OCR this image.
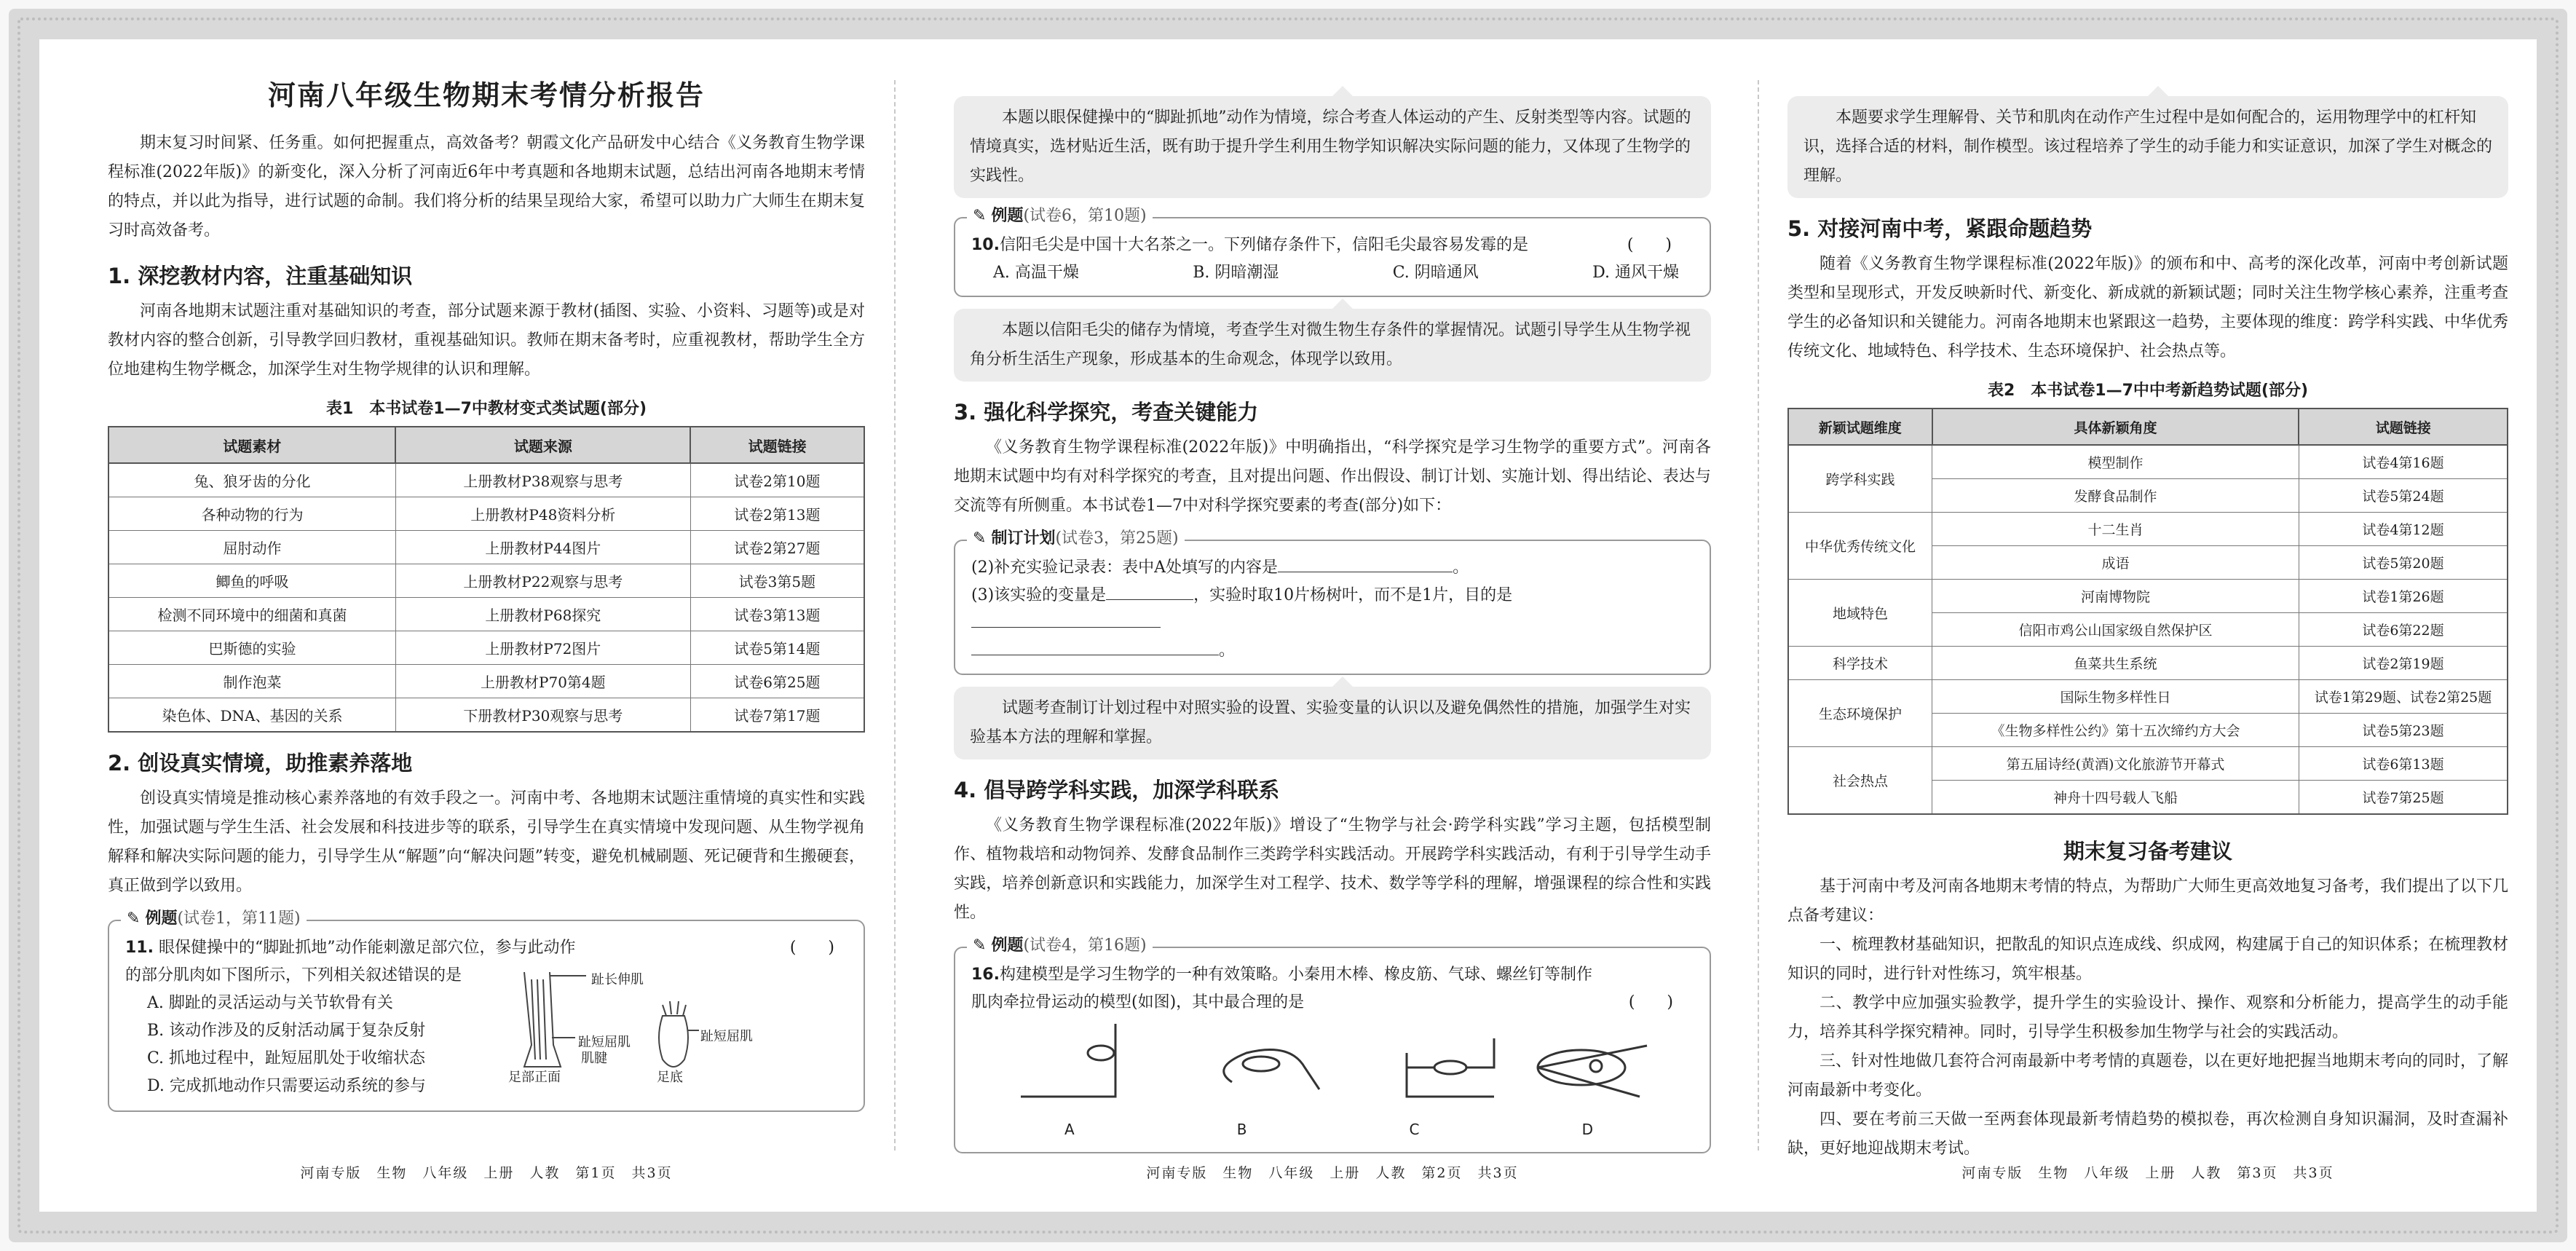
河南八年级生物期末考情分析报告

期末复习时间紧、任务重。如何把握重点，高效备考？朝霞文化产品研发中心结合《义务教育生物学课程标准(2022年版)》的新变化，深入分析了河南近6年中考真题和各地期末试题，总结出河南各地期末考情的特点，并以此为指导，进行试题的命制。我们将分析的结果呈现给大家，希望可以助力广大师生在期末复习时高效备考。

1. 深挖教材内容，注重基础知识

河南各地期末试题注重对基础知识的考查，部分试题来源于教材(插图、实验、小资料、习题等)或是对教材内容的整合创新，引导教学回归教材，重视基础知识。教师在期末备考时，应重视教材，帮助学生全方位地建构生物学概念，加深学生对生物学规律的认识和理解。

表1　本书试卷1—7中教材变式类试题(部分)
试题素材	试题来源	试题链接
兔、狼牙齿的分化	上册教材P38观察与思考	试卷2第10题
各种动物的行为	上册教材P48资料分析	试卷2第13题
屈肘动作	上册教材P44图片	试卷2第27题
鲫鱼的呼吸	上册教材P22观察与思考	试卷3第5题
检测不同环境中的细菌和真菌	上册教材P68探究	试卷3第13题
巴斯德的实验	上册教材P72图片	试卷5第14题
制作泡菜	上册教材P70第4题	试卷6第25题
染色体、DNA、基因的关系	下册教材P30观察与思考	试卷7第17题
2. 创设真实情境，助推素养落地

创设真实情境是推动核心素养落地的有效手段之一。河南中考、各地期末试题注重情境的真实性和实践性，加强试题与学生生活、社会发展和科技进步等的联系，引导学生在真实情境中发现问题、从生物学视角解释和解决实际问题的能力，引导学生从“解题”向“解决问题”转变，避免机械刷题、死记硬背和生搬硬套，真正做到学以致用。

✎ 例题(试卷1，第11题)
11. 眼保健操中的“脚趾抓地”动作能刺激足部穴位，参与此动作的部分肌肉如下图所示，下列相关叙述错误的是
A. 脚趾的灵活运动与关节软骨有关
B. 该动作涉及的反射活动属于复杂反射
C. 抓地过程中，趾短屈肌处于收缩状态
D. 完成抓地动作只需要运动系统的参与
(　　)
趾长伸肌
趾短屈肌
肌腱
趾短屈肌
足部正面	足底
本题以眼保健操中的“脚趾抓地”动作为情境，综合考查人体运动的产生、反射类型等内容。试题的情境真实，选材贴近生活，既有助于提升学生利用生物学知识解决实际问题的能力，又体现了生物学的实践性。
✎ 例题(试卷6，第10题)
10.信阳毛尖是中国十大名茶之一。下列储存条件下，信阳毛尖最容易发霉的是	(　　)
A. 高温干燥	B. 阴暗潮湿	C. 阴暗通风	D. 通风干燥
本题以信阳毛尖的储存为情境，考查学生对微生物生存条件的掌握情况。试题引导学生从生物学视角分析生活生产现象，形成基本的生命观念，体现学以致用。
3. 强化科学探究，考查关键能力

《义务教育生物学课程标准(2022年版)》中明确指出，“科学探究是学习生物学的重要方式”。河南各地期末试题中均有对科学探究的考查，且对提出问题、作出假设、制订计划、实施计划、得出结论、表达与交流等有所侧重。本书试卷1—7中对科学探究要素的考查(部分)如下：

✎ 制订计划(试卷3，第25题)
(2)补充实验记录表：表中A处填写的内容是	。
(3)该实验的变量是	，实验时取10片杨树叶，而不是1片，目的是
。
试题考查制订计划过程中对照实验的设置、实验变量的认识以及避免偶然性的措施，加强学生对实验基本方法的理解和掌握。
4. 倡导跨学科实践，加深学科联系

《义务教育生物学课程标准(2022年版)》增设了“生物学与社会·跨学科实践”学习主题，包括模型制作、植物栽培和动物饲养、发酵食品制作三类跨学科实践活动。开展跨学科实践活动，有利于引导学生动手实践，培养创新意识和实践能力，加深学生对工程学、技术、数学等学科的理解，增强课程的综合性和实践性。

✎ 例题(试卷4，第16题)
16.构建模型是学习生物学的一种有效策略。小秦用木棒、橡皮筋、气球、螺丝钉等制作肌肉牵拉骨运动的模型(如图)，其中最合理的是	(　　)
A	B	C	D
本题要求学生理解骨、关节和肌肉在动作产生过程中是如何配合的，运用物理学中的杠杆知识，选择合适的材料，制作模型。该过程培养了学生的动手能力和实证意识，加深了学生对概念的理解。
5. 对接河南中考，紧跟命题趋势

随着《义务教育生物学课程标准(2022年版)》的颁布和中、高考的深化改革，河南中考创新试题类型和呈现形式，开发反映新时代、新变化、新成就的新颖试题；同时关注生物学核心素养，注重考查学生的必备知识和关键能力。河南各地期末也紧跟这一趋势，主要体现的维度：跨学科实践、中华优秀传统文化、地域特色、科学技术、生态环境保护、社会热点等。

表2　本书试卷1—7中中考新趋势试题(部分)
新颖试题维度	具体新颖角度	试题链接
跨学科实践	模型制作	试卷4第16题
	发酵食品制作	试卷5第24题
中华优秀传统文化	十二生肖	试卷4第12题
	成语	试卷5第20题
地域特色	河南博物院	试卷1第26题
	信阳市鸡公山国家级自然保护区	试卷6第22题
科学技术	鱼菜共生系统	试卷2第19题
生态环境保护	国际生物多样性日	试卷1第29题、试卷2第25题
	《生物多样性公约》第十五次缔约方大会	试卷5第23题
社会热点	第五届诗经(黄酒)文化旅游节开幕式	试卷6第13题
	神舟十四号载人飞船	试卷7第25题
期末复习备考建议

基于河南中考及河南各地期末考情的特点，为帮助广大师生更高效地复习备考，我们提出了以下几点备考建议：

一、梳理教材基础知识，把散乱的知识点连成线、织成网，构建属于自己的知识体系；在梳理教材知识的同时，进行针对性练习，筑牢根基。

二、教学中应加强实验教学，提升学生的实验设计、操作、观察和分析能力，提高学生的动手能力，培养其科学探究精神。同时，引导学生积极参加生物学与社会的实践活动。

三、针对性地做几套符合河南最新中考考情的真题卷，以在更好地把握当地期末考向的同时，了解河南最新中考变化。

四、要在考前三天做一至两套体现最新考情趋势的模拟卷，再次检测自身知识漏洞，及时查漏补缺，更好地迎战期末考试。

河南专版　生物　八年级　上册　人教　第1页　共3页	河南专版　生物　八年级　上册　人教　第2页　共3页	河南专版　生物　八年级　上册　人教　第3页　共3页
